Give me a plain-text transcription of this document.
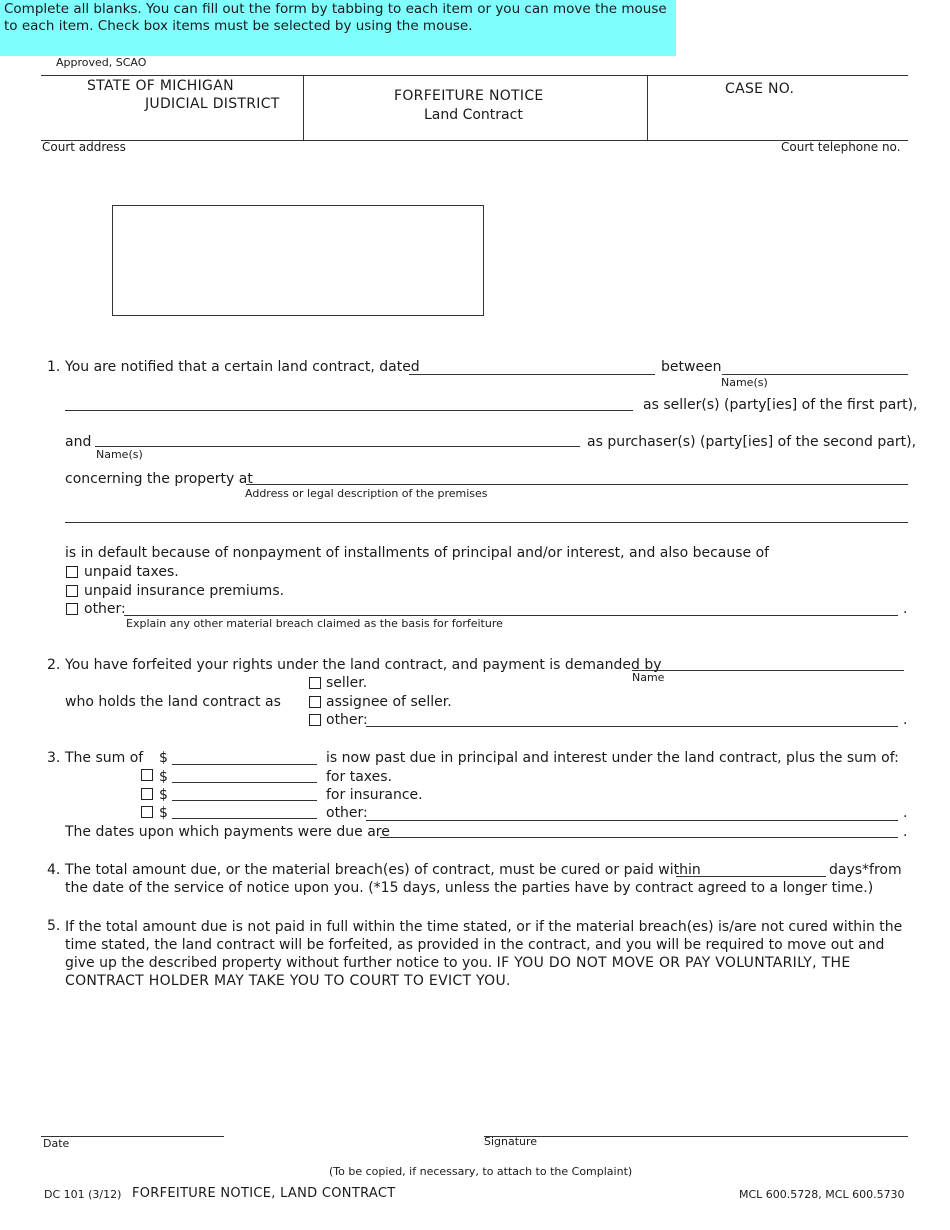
Complete all blanks. You can fill out the form by tabbing to each item or you can move the mouse to each item. Check box items must be selected by using the mouse.
Approved, SCAO
STATE OF MICHIGAN
JUDICIAL DISTRICT	FORFEITURE NOTICE
Land Contract
CASE NO.
Court address	Court telephone no.
1. You are notified that a certain land contract, dated	between
Name(s)
as seller(s) (party[ies] of the first part),
and	as purchaser(s) (party[ies] of the second part),
Name(s)
concerning the property at
Address or legal description of the premises
is in default because of nonpayment of installments of principal and/or interest, and also because of
unpaid taxes.
unpaid insurance premiums.
other:	.
Explain any other material breach claimed as the basis for forfeiture
2. You have forfeited your rights under the land contract, and payment is demanded by
Name
seller.
who holds the land contract as	assignee of seller.
other:	.
3. The sum of $	is now past due in principal and interest under the land contract, plus the sum of:
$	for taxes.
$	for insurance.
$	other:	.
The dates upon which payments were due are	.
4. The total amount due, or the material breach(es) of contract, must be cured or paid within	days*from
the date of the service of notice upon you. (*15 days, unless the parties have by contract agreed to a longer time.)
5. If the total amount due is not paid in full within the time stated, or if the material breach(es) is/are not cured within the time stated, the land contract will be forfeited, as provided in the contract, and you will be required to move out and give up the described property without further notice to you. IF YOU DO NOT MOVE OR PAY VOLUNTARILY, THE CONTRACT HOLDER MAY TAKE YOU TO COURT TO EVICT YOU.
Date	Signature
(To be copied, if necessary, to attach to the Complaint)
DC 101 (3/12) FORFEITURE NOTICE, LAND CONTRACT	MCL 600.5728, MCL 600.5730
